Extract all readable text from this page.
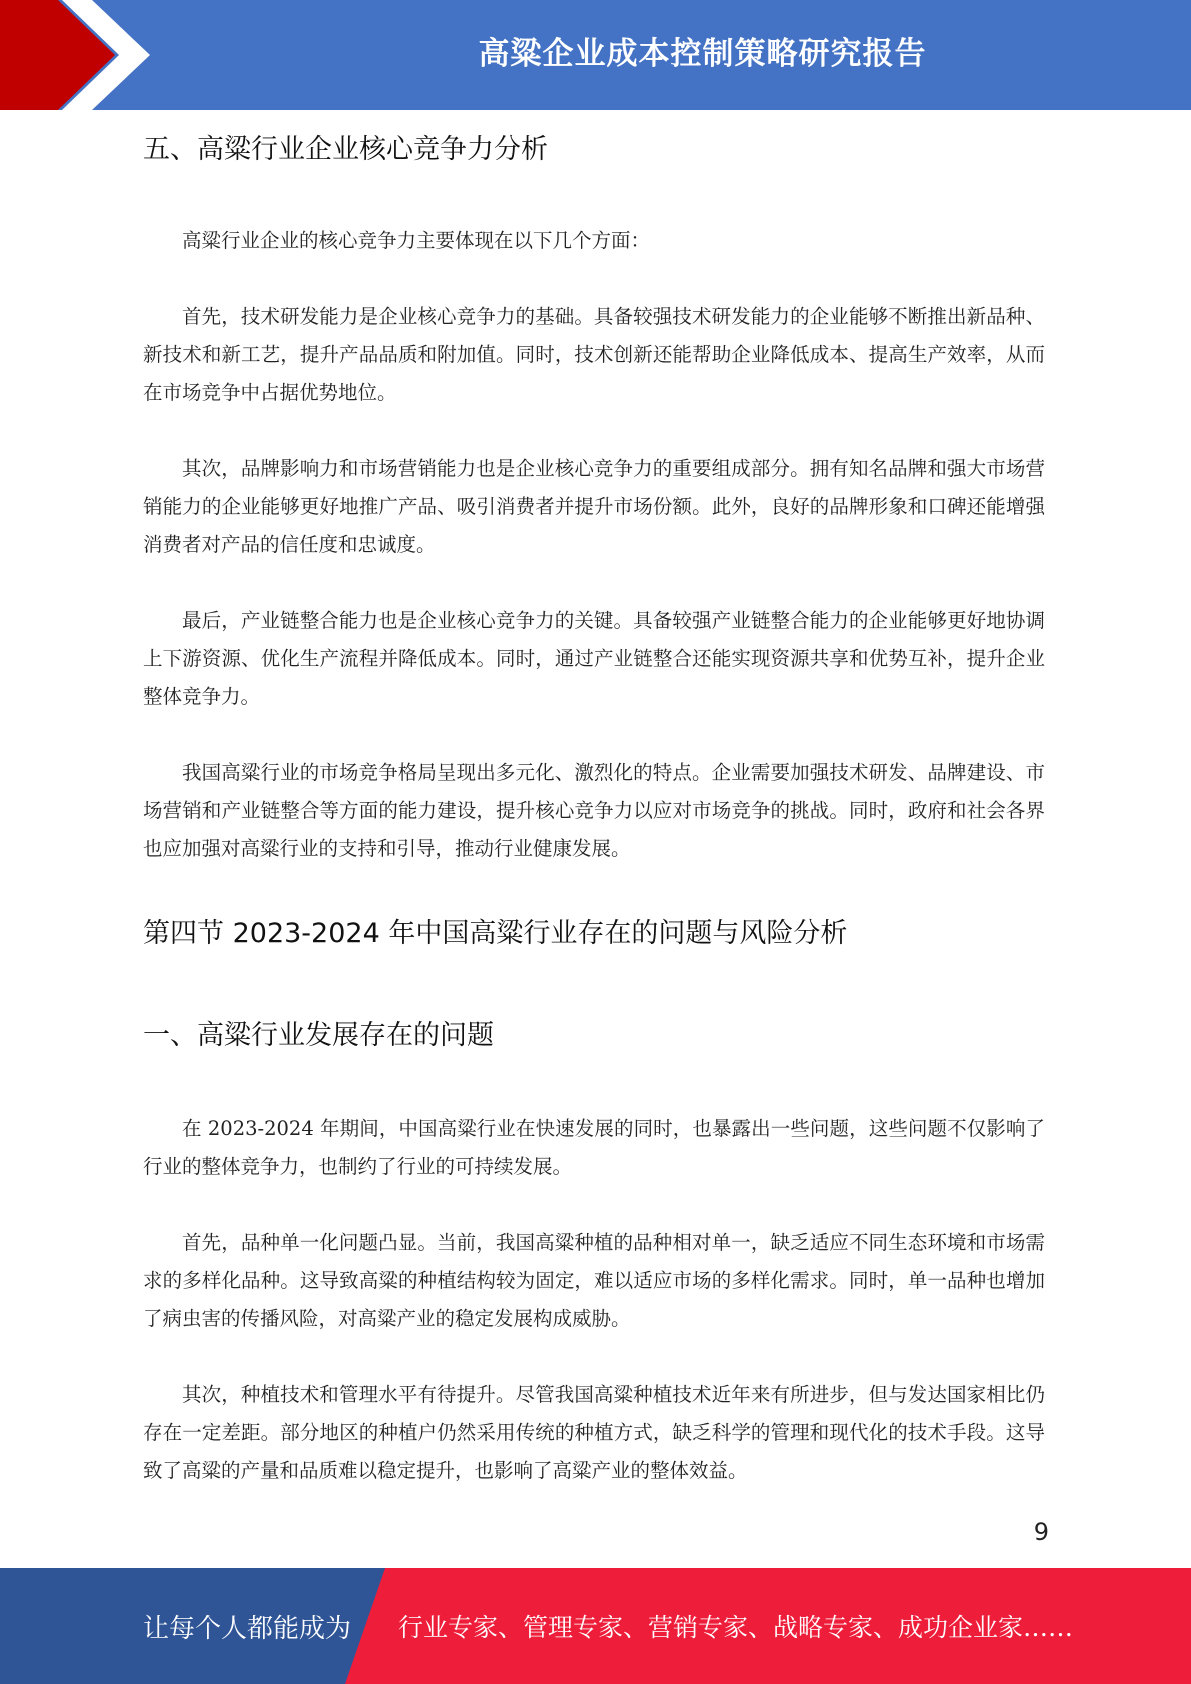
高粱企业成本控制策略研究报告
五、高粱行业企业核心竞争力分析

高粱行业企业的核心竞争力主要体现在以下几个方面：

首先，技术研发能力是企业核心竞争力的基础。具备较强技术研发能力的企业能够不断推出新品种、新技术和新工艺，提升产品品质和附加值。同时，技术创新还能帮助企业降低成本、提高生产效率，从而在市场竞争中占据优势地位。

其次，品牌影响力和市场营销能力也是企业核心竞争力的重要组成部分。拥有知名品牌和强大市场营销能力的企业能够更好地推广产品、吸引消费者并提升市场份额。此外，良好的品牌形象和口碑还能增强消费者对产品的信任度和忠诚度。

最后，产业链整合能力也是企业核心竞争力的关键。具备较强产业链整合能力的企业能够更好地协调上下游资源、优化生产流程并降低成本。同时，通过产业链整合还能实现资源共享和优势互补，提升企业整体竞争力。

我国高粱行业的市场竞争格局呈现出多元化、激烈化的特点。企业需要加强技术研发、品牌建设、市场营销和产业链整合等方面的能力建设，提升核心竞争力以应对市场竞争的挑战。同时，政府和社会各界也应加强对高粱行业的支持和引导，推动行业健康发展。

第四节 2023-2024 年中国高粱行业存在的问题与风险分析
一、高粱行业发展存在的问题

在 2023-2024 年期间，中国高粱行业在快速发展的同时，也暴露出一些问题，这些问题不仅影响了行业的整体竞争力，也制约了行业的可持续发展。

首先，品种单一化问题凸显。当前，我国高粱种植的品种相对单一，缺乏适应不同生态环境和市场需求的多样化品种。这导致高粱的种植结构较为固定，难以适应市场的多样化需求。同时，单一品种也增加了病虫害的传播风险，对高粱产业的稳定发展构成威胁。

其次，种植技术和管理水平有待提升。尽管我国高粱种植技术近年来有所进步，但与发达国家相比仍存在一定差距。部分地区的种植户仍然采用传统的种植方式，缺乏科学的管理和现代化的技术手段。这导致了高粱的产量和品质难以稳定提升，也影响了高粱产业的整体效益。

9
让每个人都能成为 行业专家、管理专家、营销专家、战略专家、成功企业家……
